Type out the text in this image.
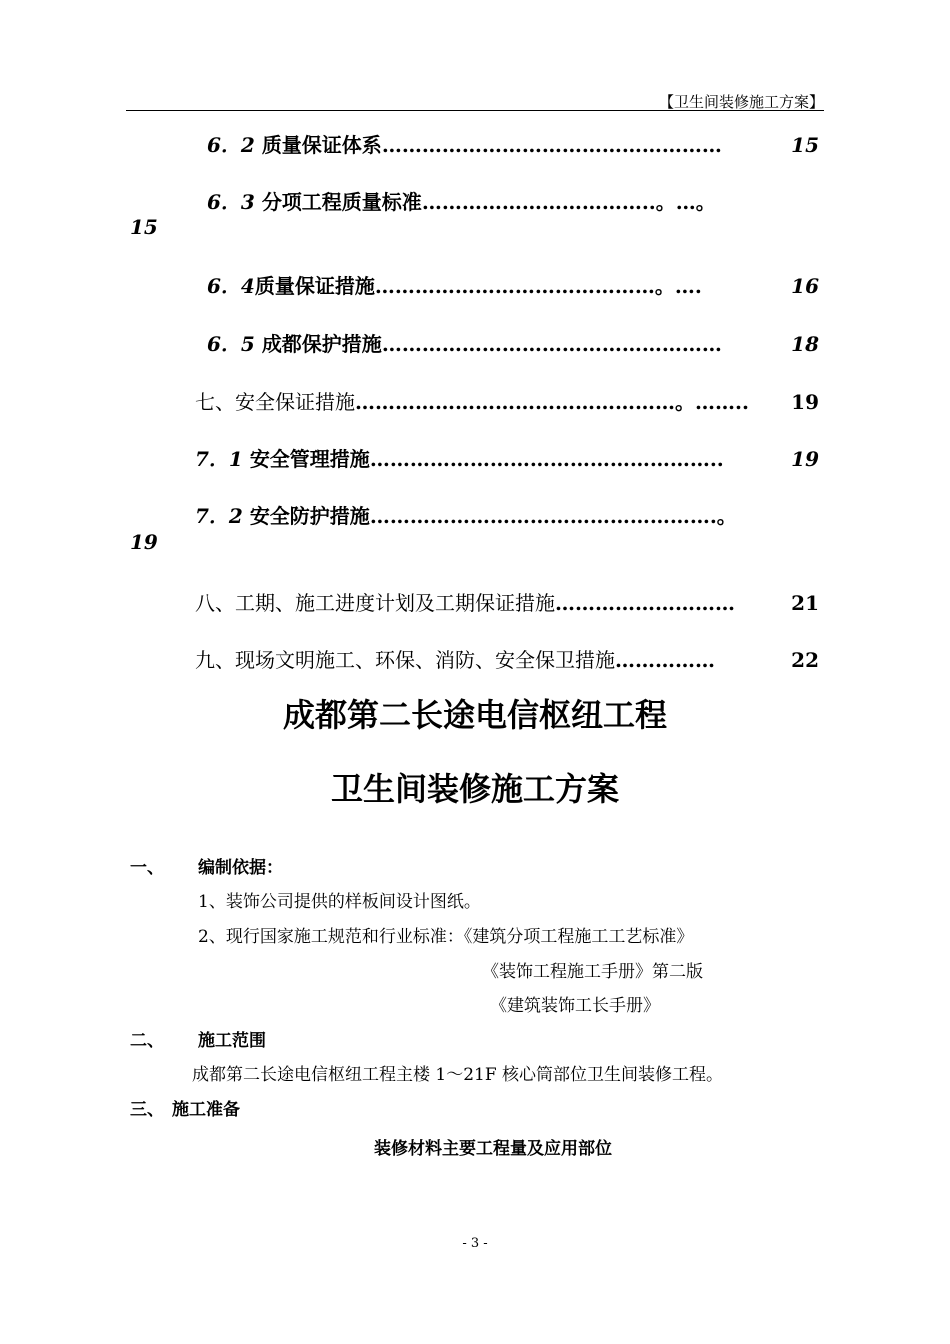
【卫生间装修施工方案】
6．2 质量保证体系 ……………………………………………	15
6．3 分项工程质量标准 ……………………………..。…。
15
6．4质量保证措施 ……………………………………。….	16
6．5 成都保护措施 ……………………………………………	18
七、安全保证措施 …………………………………………。……..	19
7．1 安全管理措施 ……………………………………………..	19
7．2 安全防护措施 …………………………………………….。
19
八、工期、施工进度计划及工期保证措施 ………………………	21
九、现场文明施工、环保、消防、安全保卫措施 ……………	22
成都第二长途电信枢纽工程
卫生间装修施工方案
一、 编制依据：
1、装饰公司提供的样板间设计图纸。
2、现行国家施工规范和行业标准：《建筑分项工程施工工艺标准》
《装饰工程施工手册》第二版
《建筑装饰工长手册》
二、 施工范围
成都第二长途电信枢纽工程主楼 1～21F 核心筒部位卫生间装修工程。
三、 施工准备
装修材料主要工程量及应用部位
- 3 -
